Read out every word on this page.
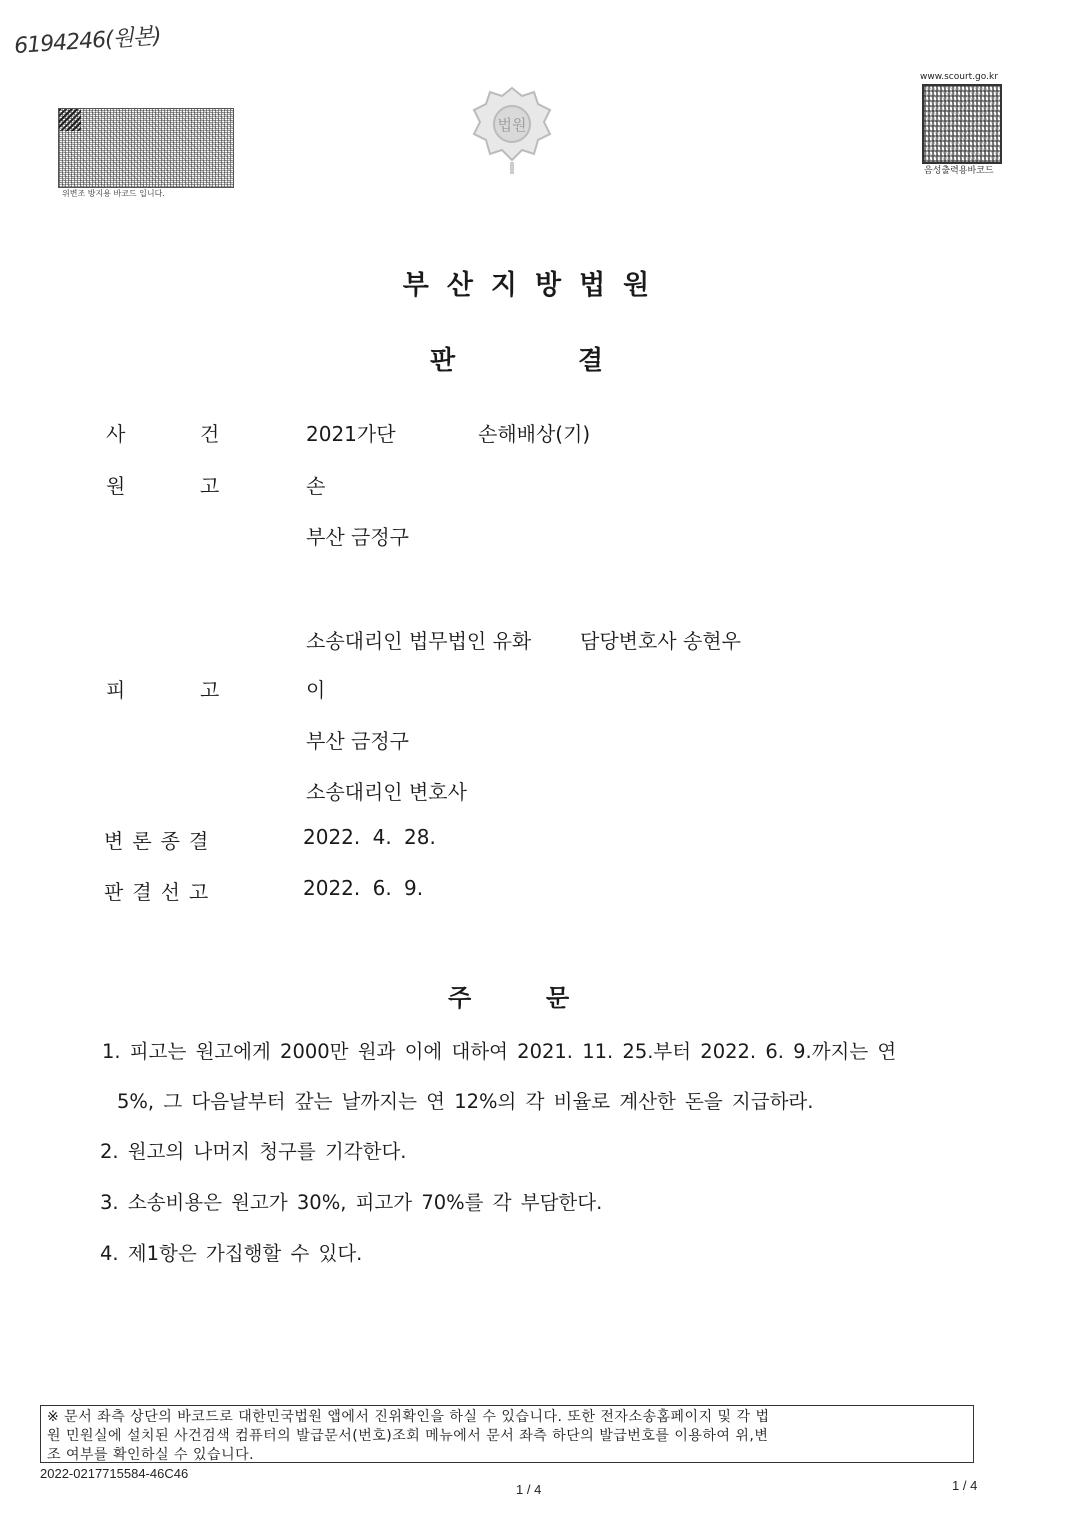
6194246(원본)
위변조 방지용 바코드 입니다.
법원
www.scourt.go.kr
음성출력용바코드
부산지방법원
판	결
사	건	2021가단	손해배상(기)
원	고	손
부산 금정구
소송대리인 법무법인 유화 담당변호사 송현우
피	고	이
부산 금정구
소송대리인 변호사
변론종결	2022. 4. 28.
판결선고	2022. 6. 9.
주	문
1. 피고는 원고에게 2000만 원과 이에 대하여 2021. 11. 25.부터 2022. 6. 9.까지는 연
5%, 그 다음날부터 갚는 날까지는 연 12%의 각 비율로 계산한 돈을 지급하라.
2. 원고의 나머지 청구를 기각한다.
3. 소송비용은 원고가 30%, 피고가 70%를 각 부담한다.
4. 제1항은 가집행할 수 있다.
※ 문서 좌측 상단의 바코드로 대한민국법원 앱에서 진위확인을 하실 수 있습니다. 또한 전자소송홈페이지 및 각 법
원 민원실에 설치된 사건검색 컴퓨터의 발급문서(번호)조회 메뉴에서 문서 좌측 하단의 발급번호를 이용하여 위,변
조 여부를 확인하실 수 있습니다.
2022-0217715584-46C46
1 / 4	1 / 4
